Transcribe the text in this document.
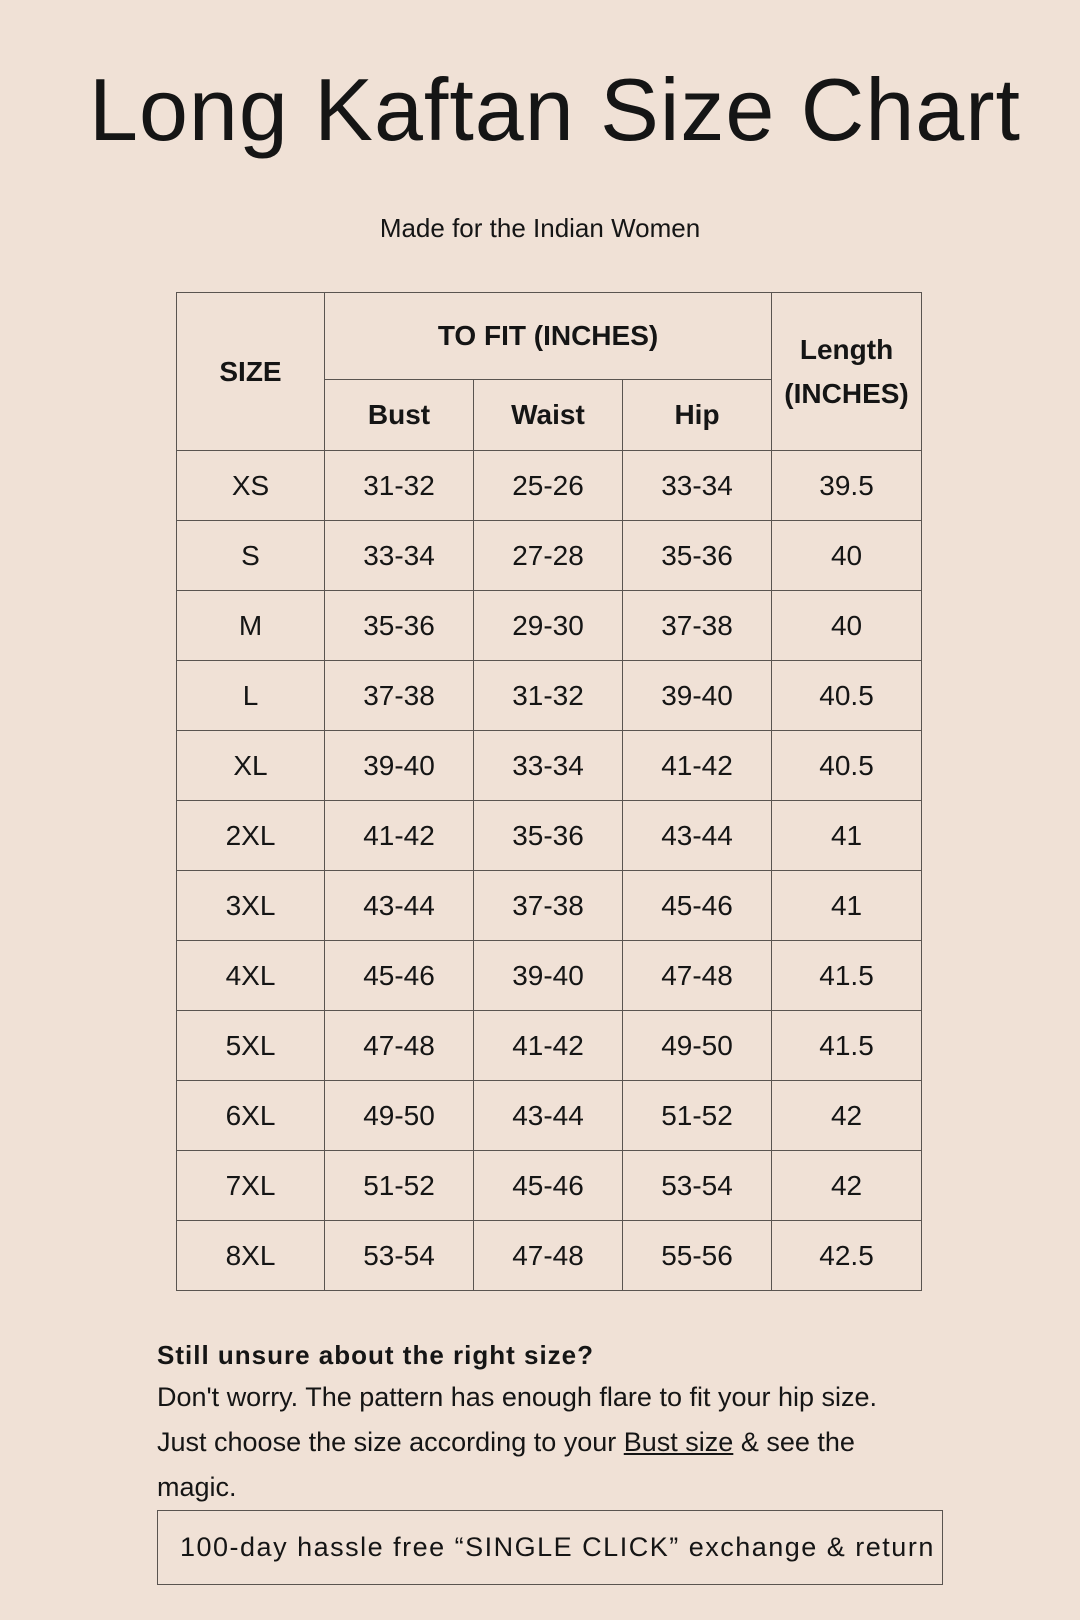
Long Kaftan Size Chart
Made for the Indian Women
SIZE	TO FIT (INCHES)			Length
(INCHES)

	Bust	Waist	Hip	
XS	31-32	25-26	33-34	39.5
S	33-34	27-28	35-36	40
M	35-36	29-30	37-38	40
L	37-38	31-32	39-40	40.5
XL	39-40	33-34	41-42	40.5
2XL	41-42	35-36	43-44	41
3XL	43-44	37-38	45-46	41
4XL	45-46	39-40	47-48	41.5
5XL	47-48	41-42	49-50	41.5
6XL	49-50	43-44	51-52	42
7XL	51-52	45-46	53-54	42
8XL	53-54	47-48	55-56	42.5

Still unsure about the right size?

Don't worry. The pattern has enough flare to fit your hip size.

Just choose the size according to your Bust size & see the

magic.

100-day hassle free “SINGLE CLICK” exchange & return
